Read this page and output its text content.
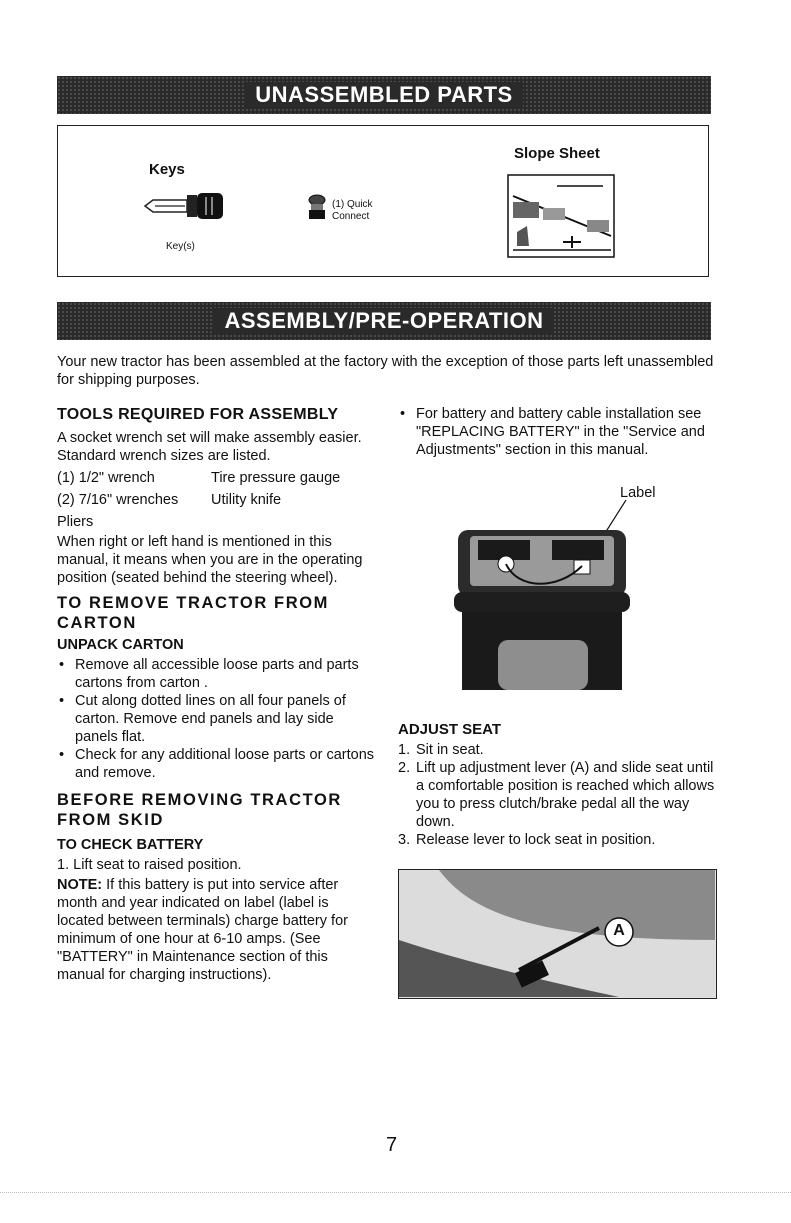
UNASSEMBLED PARTS
Keys
Key(s)
(1) Quick
Connect
Slope Sheet
ASSEMBLY/PRE-OPERATION
Your new tractor has been assembled at the factory with the exception of those parts left unassembled for shipping purposes.
TOOLS REQUIRED FOR ASSEMBLY
A socket wrench set will make assembly easier. Standard wrench sizes are listed.
(1) 1/2" wrench	Tire pressure gauge
(2) 7/16" wrenches	Utility knife
Pliers
When right or left hand is mentioned in this manual, it means when you are in the operating position (seated behind the steering wheel).
TO REMOVE TRACTOR FROM
CARTON
UNPACK CARTON
• Remove all accessible loose parts and parts cartons from carton .
• Cut along dotted lines on all four panels of carton. Remove end panels and lay side panels flat.
• Check for any additional loose parts or cartons and remove.
BEFORE REMOVING TRACTOR
FROM SKID
TO CHECK BATTERY
1. Lift seat to raised position.
NOTE: If this battery is put into service after month and year indicated on label (label is located between terminals) charge battery for minimum of one hour at 6-10 amps. (See "BATTERY" in Maintenance section of this manual for charging instructions).
• For battery and battery cable installation see "REPLACING BATTERY" in the "Service and Adjustments" section in this manual.
Label
ADJUST SEAT
1. Sit in seat.
2. Lift up adjustment lever (A) and slide seat until a comfortable position is reached which allows you to press clutch/brake pedal all the way down.
3. Release lever to lock seat in position.
A
7
